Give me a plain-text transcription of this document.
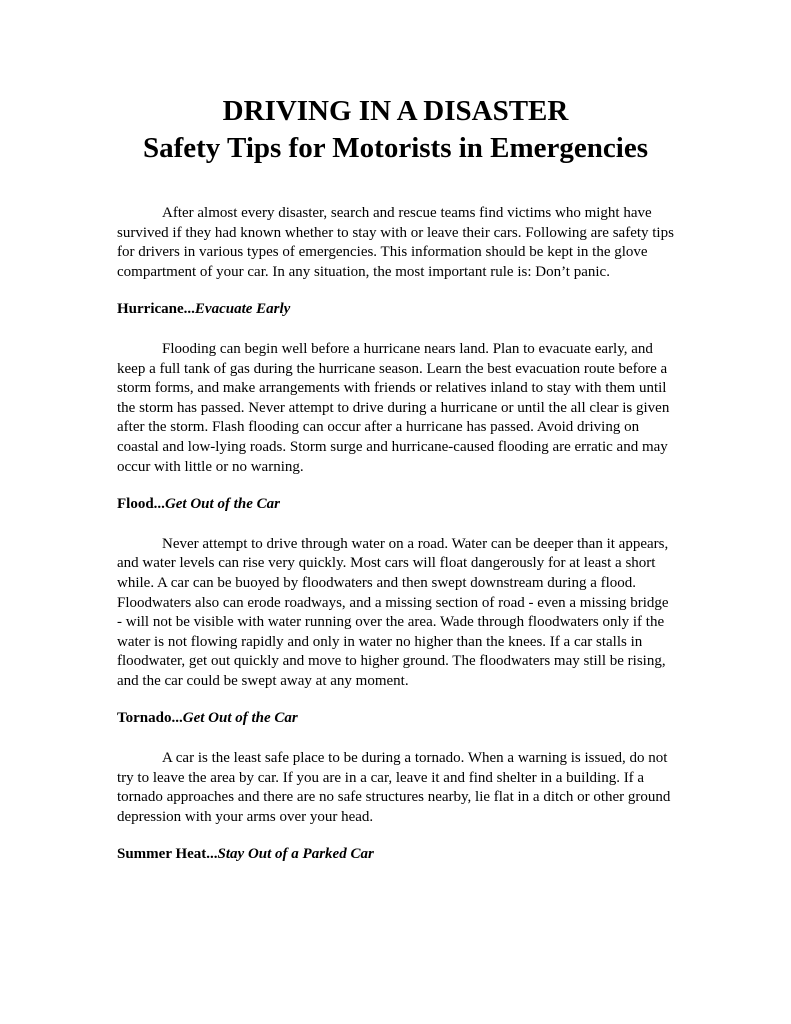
DRIVING IN A DISASTER
Safety Tips for Motorists in Emergencies

After almost every disaster, search and rescue teams find victims who might have survived if they had known whether to stay with or leave their cars. Following are safety tips for drivers in various types of emergencies. This information should be kept in the glove compartment of your car. In any situation, the most important rule is: Don’t panic.

Hurricane...Evacuate Early

Flooding can begin well before a hurricane nears land. Plan to evacuate early, and keep a full tank of gas during the hurricane season. Learn the best evacuation route before a storm forms, and make arrangements with friends or relatives inland to stay with them until the storm has passed. Never attempt to drive during a hurricane or until the all clear is given after the storm. Flash flooding can occur after a hurricane has passed. Avoid driving on coastal and low-lying roads. Storm surge and hurricane-caused flooding are erratic and may occur with little or no warning.

Flood...Get Out of the Car

Never attempt to drive through water on a road. Water can be deeper than it appears, and water levels can rise very quickly. Most cars will float dangerously for at least a short while. A car can be buoyed by floodwaters and then swept downstream during a flood. Floodwaters also can erode roadways, and a missing section of road - even a missing bridge - will not be visible with water running over the area. Wade through floodwaters only if the water is not flowing rapidly and only in water no higher than the knees. If a car stalls in floodwater, get out quickly and move to higher ground. The floodwaters may still be rising, and the car could be swept away at any moment.

Tornado...Get Out of the Car

A car is the least safe place to be during a tornado. When a warning is issued, do not try to leave the area by car. If you are in a car, leave it and find shelter in a building. If a tornado approaches and there are no safe structures nearby, lie flat in a ditch or other ground depression with your arms over your head.

Summer Heat...Stay Out of a Parked Car
